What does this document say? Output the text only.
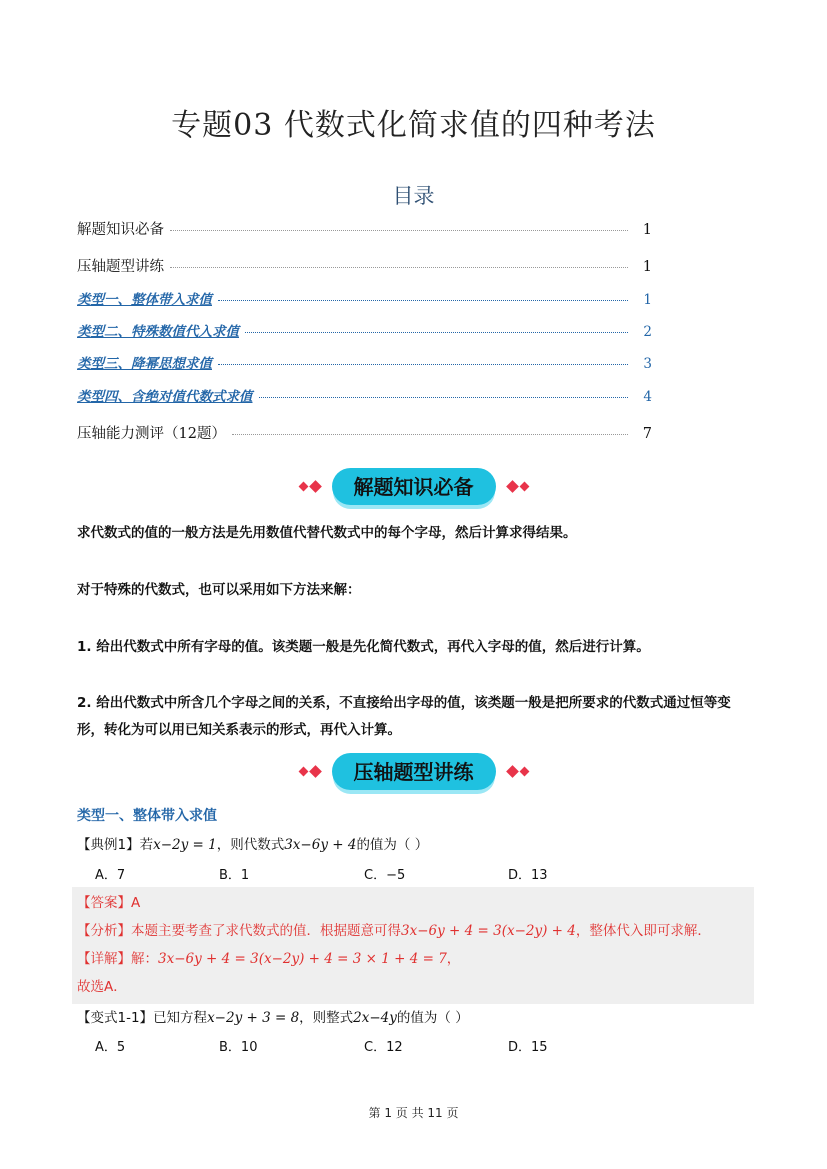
专题03 代数式化简求值的四种考法
目录
解题知识必备	1
压轴题型讲练	1
类型一、整体带入求值	1
类型二、特殊数值代入求值	2
类型三、降幂思想求值	3
类型四、含绝对值代数式求值	4
压轴能力测评（12题）	7
解题知识必备
求代数式的值的一般方法是先用数值代替代数式中的每个字母，然后计算求得结果。
对于特殊的代数式，也可以采用如下方法来解：
1. 给出代数式中所有字母的值。该类题一般是先化简代数式，再代入字母的值，然后进行计算。
2. 给出代数式中所含几个字母之间的关系，不直接给出字母的值，该类题一般是把所要求的代数式通过恒等变
形，转化为可以用已知关系表示的形式，再代入计算。
压轴题型讲练
类型一、整体带入求值
【典例1】若x−2y = 1，则代数式3x−6y + 4的值为（ ）
A．7	B．1	C．−5	D．13
【答案】A
【分析】本题主要考查了求代数式的值．根据题意可得3x−6y + 4 = 3(x−2y) + 4，整体代入即可求解．
【详解】解：3x−6y + 4 = 3(x−2y) + 4 = 3 × 1 + 4 = 7，
故选A．
【变式1-1】已知方程x−2y + 3 = 8，则整式2x−4y的值为（ ）
A．5	B．10	C．12	D．15
第 1 页 共 11 页
